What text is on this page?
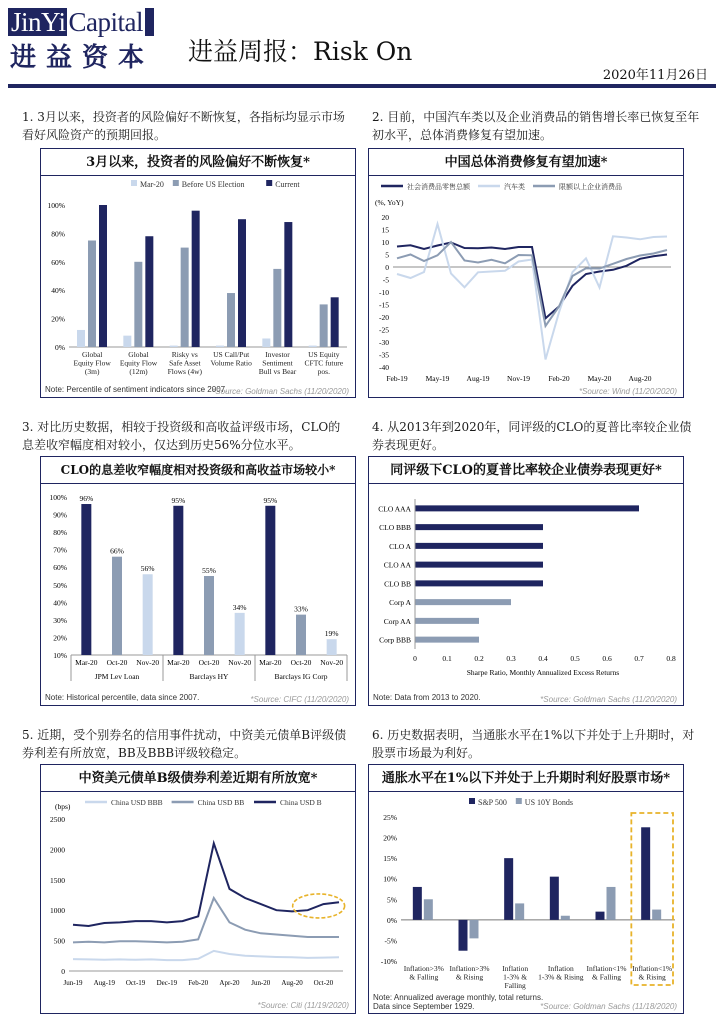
JinYi Capital
进益资本 进益周报：Risk On
2020年11月26日
1. 3月以来，投资者的风险偏好不断恢复，各指标均显示市场看好风险资产的预期回报。
2. 目前，中国汽车类以及企业消费品的销售增长率已恢复至年初水平，总体消费修复有望加速。
3. 对比历史数据，相较于投资级和高收益评级市场，CLO的息差收窄幅度相对较小，仅达到历史56%分位水平。
4. 从2013年到2020年，同评级的CLO的夏普比率较企业债券表现更好。
5. 近期，受个别券名的信用事件扰动，中资美元债单B评级债券利差有所放宽，BB及BBB评级较稳定。
6. 历史数据表明，当通胀水平在1%以下并处于上升期时，对股票市场最为利好。
3月以来，投资者的风险偏好不断恢复*
Mar-20 Before US Election	Current
0%
20%
40%
60%
80%
100%
Global
Equity Flow
(3m)
Global
Equity Flow
(12m)
Risky vs
Safe Asset
Flows (4w)
US Call/Put
Volume Ratio
Investor
Sentiment
Bull vs Bear
US Equity
CFTC future
pos.
Note: Percentile of sentiment indicators since 2007.
*Source: Goldman Sachs (11/20/2020)
中国总体消费修复有望加速*
社会消费品零售总额	汽车类	限额以上企业消费品
(%, YoY)
20
15
10
5
0
-5
-10
-15
-20
-25
-30
-35
-40
Feb-19 May-19 Aug-19 Nov-19 Feb-20 May-20 Aug-20
*Source: Wind (11/20/2020)
CLO的息差收窄幅度相对投资级和高收益市场较小*
10%
20%
30%
40%
50%
60%
70%
80%
90%
100% 96%
Mar-20
66%
Oct-20
56%
Nov-20
JPM Lev Loan
95%
Mar-20
55%
Oct-20
34%
Nov-20
Barclays HY
95%
Mar-20
33%
Oct-20
19%
Nov-20
Barclays IG Corp
Note: Historical percentile, data since 2007.	*Source: CIFC (11/20/2020)
同评级下CLO的夏普比率较企业债券表现更好*
CLO AAA
CLO BBB
CLO A
CLO AA
CLO BB
Corp A
Corp AA
Corp BBB
0	0.1	0.2	0.3	0.4	0.5	0.6	0.7	0.8
Sharpe Ratio, Monthly Annualized Excess Returns
Note: Data from 2013 to 2020.	*Source: Goldman Sachs (11/20/2020)
中资美元债单B级债券利差近期有所放宽*
China USD BBB	China USD BB	China USD B
(bps)
2500
2000
1500
1000
500
0
Jun-19 Aug-19 Oct-19 Dec-19 Feb-20 Apr-20 Jun-20 Aug-20 Oct-20
*Source: Citi (11/19/2020)
通胀水平在1%以下并处于上升期时利好股票市场*
S&P 500 US 10Y Bonds
25%
20%
15%
10%
5%
0%
-5%
-10%
Inflation>3%
& Falling
Inflation>3%
& Rising
Inflation
1-3% &
Falling
Inflation
1-3% & Rising
Inflation<1%
& Falling
Inflation<1%
& Rising
Note: Annualized average monthly, total returns.
Data since September 1929.	*Source: Goldman Sachs (11/18/2020)
